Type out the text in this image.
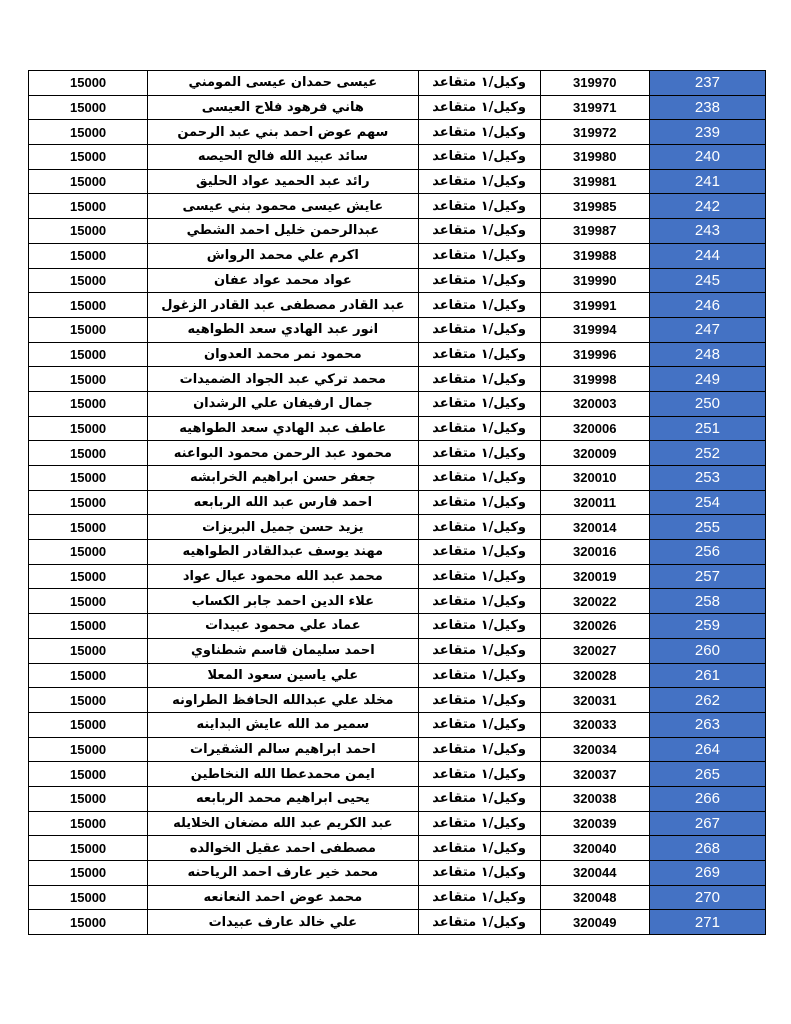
15000	عيسى حمدان عيسى المومني	وكيل/١ متقاعد	319970	237
15000	هاني فرهود فلاح العيسى	وكيل/١ متقاعد	319971	238
15000	سهم عوض احمد بني عبد الرحمن	وكيل/١ متقاعد	319972	239
15000	سائد عبيد الله فالح الحيصه	وكيل/١ متقاعد	319980	240
15000	رائد عبد الحميد عواد الحليق	وكيل/١ متقاعد	319981	241
15000	عايش عيسى محمود بني عيسى	وكيل/١ متقاعد	319985	242
15000	عبدالرحمن خليل احمد الشطي	وكيل/١ متقاعد	319987	243
15000	اكرم علي محمد الرواش	وكيل/١ متقاعد	319988	244
15000	عواد محمد عواد عفان	وكيل/١ متقاعد	319990	245
15000	عبد القادر مصطفى عبد القادر الزغول	وكيل/١ متقاعد	319991	246
15000	انور عبد الهادي سعد الطواهيه	وكيل/١ متقاعد	319994	247
15000	محمود نمر محمد العدوان	وكيل/١ متقاعد	319996	248
15000	محمد تركي عبد الجواد الضميدات	وكيل/١ متقاعد	319998	249
15000	جمال ارفيفان علي الرشدان	وكيل/١ متقاعد	320003	250
15000	عاطف عبد الهادي سعد الطواهيه	وكيل/١ متقاعد	320006	251
15000	محمود عبد الرحمن محمود البواعنه	وكيل/١ متقاعد	320009	252
15000	جعفر حسن ابراهيم الخرابشه	وكيل/١ متقاعد	320010	253
15000	احمد فارس عبد الله الربابعه	وكيل/١ متقاعد	320011	254
15000	يزيد حسن جميل البريزات	وكيل/١ متقاعد	320014	255
15000	مهند يوسف عبدالقادر الطواهيه	وكيل/١ متقاعد	320016	256
15000	محمد عبد الله محمود عيال عواد	وكيل/١ متقاعد	320019	257
15000	علاء الدين احمد جابر الكساب	وكيل/١ متقاعد	320022	258
15000	عماد علي محمود عبيدات	وكيل/١ متقاعد	320026	259
15000	احمد سليمان قاسم شطناوي	وكيل/١ متقاعد	320027	260
15000	علي ياسين سعود المعلا	وكيل/١ متقاعد	320028	261
15000	مخلد علي عبدالله الحافظ الطراونه	وكيل/١ متقاعد	320031	262
15000	سمير مد الله عايش البداينه	وكيل/١ متقاعد	320033	263
15000	احمد ابراهيم سالم الشقيرات	وكيل/١ متقاعد	320034	264
15000	ايمن محمدعطا الله النخاطين	وكيل/١ متقاعد	320037	265
15000	يحيى ابراهيم محمد الربابعه	وكيل/١ متقاعد	320038	266
15000	عبد الكريم عبد الله مضغان الخلايله	وكيل/١ متقاعد	320039	267
15000	مصطفى احمد عقيل الخوالده	وكيل/١ متقاعد	320040	268
15000	محمد خير عارف احمد الرياحنه	وكيل/١ متقاعد	320044	269
15000	محمد عوض احمد النعانعه	وكيل/١ متقاعد	320048	270
15000	علي خالد عارف عبيدات	وكيل/١ متقاعد	320049	271
